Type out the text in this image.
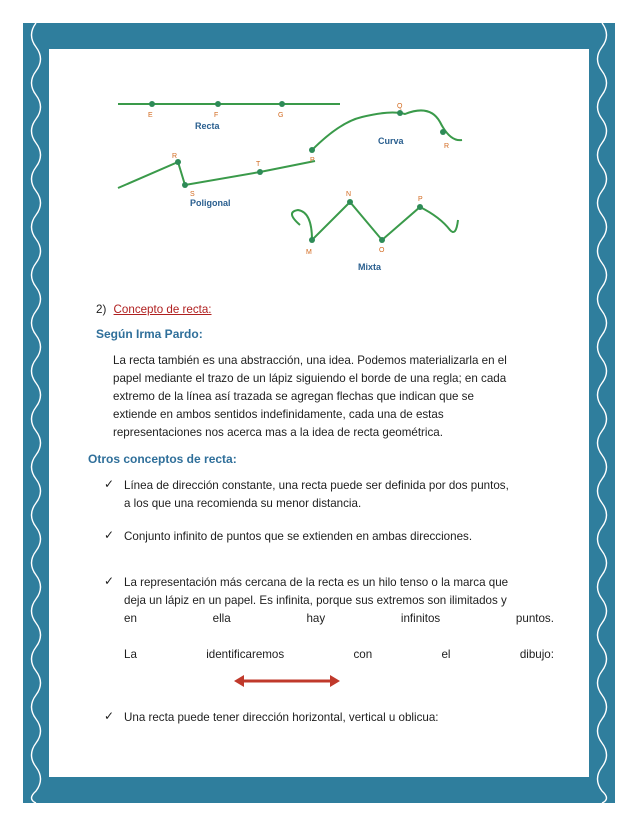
E	F	G
P
Q
R
R
S
T
M
N
O
P
Recta
Curva
Poligonal
Mixta
2) Concepto de recta:
Según Irma Pardo:
La recta también es una abstracción, una idea. Podemos materializarla en el
papel mediante el trazo de un lápiz siguiendo el borde de una regla; en cada
extremo de la línea así trazada se agregan flechas que indican que se
extiende en ambos sentidos indefinidamente, cada una de estas
representaciones nos acerca mas a la idea de recta geométrica.
Otros conceptos de recta:
✓ Línea de dirección constante, una recta puede ser definida por dos puntos,
a los que una recomienda su menor distancia.
✓ Conjunto infinito de puntos que se extienden en ambas direcciones.
✓ La representación más cercana de la recta es un hilo tenso o la marca que
deja un lápiz en un papel. Es infinita, porque sus extremos son ilimitados y
en	ella	hay	infinitos	puntos.
La	identificaremos	con	el	dibujo:
✓ Una recta puede tener dirección horizontal, vertical u oblicua:
